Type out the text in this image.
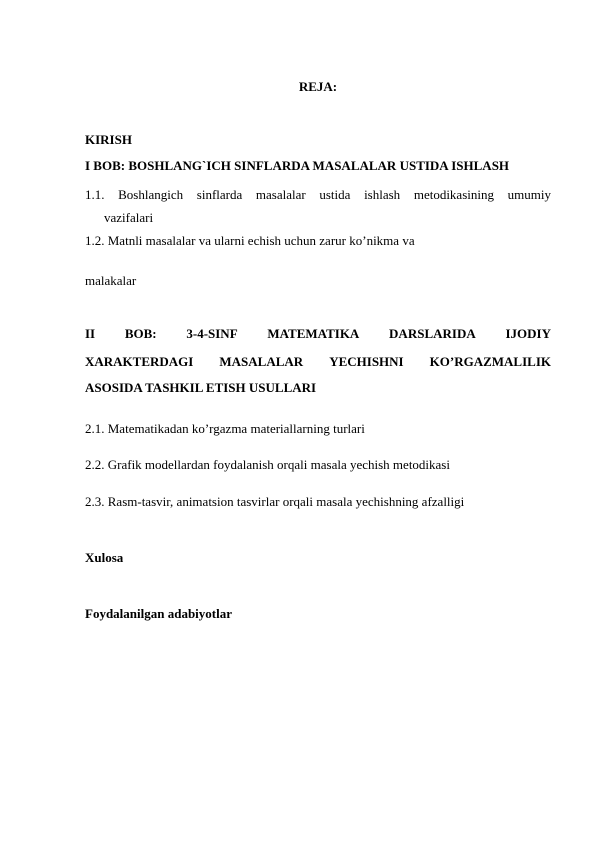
REJA:
KIRISH
I BOB: BOSHLANG`ICH SINFLARDA MASALALAR USTIDA ISHLASH
1.1. Boshlangich sinflarda masalalar ustida ishlash metodikasining umumiy
vazifalari
1.2. Matnli masalalar va ularni echish uchun zarur ko’nikma va
malakalar
II BOB: 3-4-SINF MATEMATIKA DARSLARIDA IJODIY
XARAKTERDAGI MASALALAR YECHISHNI KO’RGAZMALILIK
ASOSIDA TASHKIL ETISH USULLARI
2.1. Matematikadan ko’rgazma materiallarning turlari
2.2. Grafik modellardan foydalanish orqali masala yechish metodikasi
2.3. Rasm-tasvir, animatsion tasvirlar orqali masala yechishning afzalligi
Xulosa
Foydalanilgan adabiyotlar
